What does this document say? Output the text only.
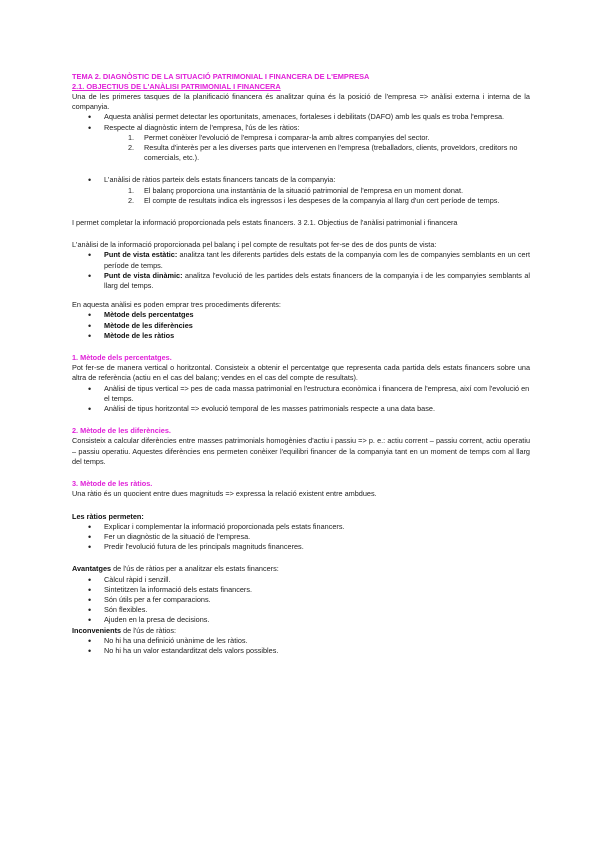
TEMA 2. DIAGNÒSTIC DE LA SITUACIÓ PATRIMONIAL I FINANCERA DE L'EMPRESA

2.1. OBJECTIUS DE L'ANÀLISI PATRIMONIAL I FINANCERA

Una de les primeres tasques de la planificació financera és analitzar quina és la posició de l'empresa => anàlisi externa i interna de la companyia.

• Aquesta anàlisi permet detectar les oportunitats, amenaces, fortaleses i debilitats (DAFO) amb les quals es troba l'empresa.
• Respecte al diagnòstic intern de l'empresa, l'ús de les ràtios:
1. Permet conèixer l'evolució de l'empresa i comparar-la amb altres companyies del sector.
2. Resulta d'interès per a les diverses parts que intervenen en l'empresa (treballadors, clients, proveïdors, creditors no comercials, etc.).
• L'anàlisi de ràtios parteix dels estats financers tancats de la companyia:
1. El balanç proporciona una instantània de la situació patrimonial de l'empresa en un moment donat.
2. El compte de resultats indica els ingressos i les despeses de la companyia al llarg d'un cert període de temps.

I permet completar la informació proporcionada pels estats financers. 3 2.1. Objectius de l'anàlisi patrimonial i financera

L'anàlisi de la informació proporcionada pel balanç i pel compte de resultats pot fer-se des de dos punts de vista:

• Punt de vista estàtic: analitza tant les diferents partides dels estats de la companyia com les de companyies semblants en un cert període de temps.
• Punt de vista dinàmic: analitza l'evolució de les partides dels estats financers de la companyia i de les companyies semblants al llarg del temps.

En aquesta anàlisi es poden emprar tres procediments diferents:

• Mètode dels percentatges
• Mètode de les diferències
• Mètode de les ràtios

1. Mètode dels percentatges.

Pot fer-se de manera vertical o horitzontal. Consisteix a obtenir el percentatge que representa cada partida dels estats financers sobre una altra de referència (actiu en el cas del balanç; vendes en el cas del compte de resultats).

• Anàlisi de tipus vertical => pes de cada massa patrimonial en l'estructura econòmica i financera de l'empresa, així com l'evolució en el temps.
• Anàlisi de tipus horitzontal => evolució temporal de les masses patrimonials respecte a una data base.

2. Mètode de les diferències.

Consisteix a calcular diferències entre masses patrimonials homogènies d'actiu i passiu => p. e.: actiu corrent – passiu corrent, actiu operatiu – passiu operatiu. Aquestes diferències ens permeten conèixer l'equilibri financer de la companyia tant en un moment de temps com al llarg del temps.

3. Mètode de les ràtios.

Una ràtio és un quocient entre dues magnituds => expressa la relació existent entre ambdues.

Les ràtios permeten:

• Explicar i complementar la informació proporcionada pels estats financers.
• Fer un diagnòstic de la situació de l'empresa.
• Predir l'evolució futura de les principals magnituds financeres.

Avantatges de l'ús de ràtios per a analitzar els estats financers:

• Càlcul ràpid i senzill.
• Sintetitzen la informació dels estats financers.
• Són útils per a fer comparacions.
• Són flexibles.
• Ajuden en la presa de decisions.

Inconvenients de l'ús de ràtios:

• No hi ha una definició unànime de les ràtios.
• No hi ha un valor estandarditzat dels valors possibles.
